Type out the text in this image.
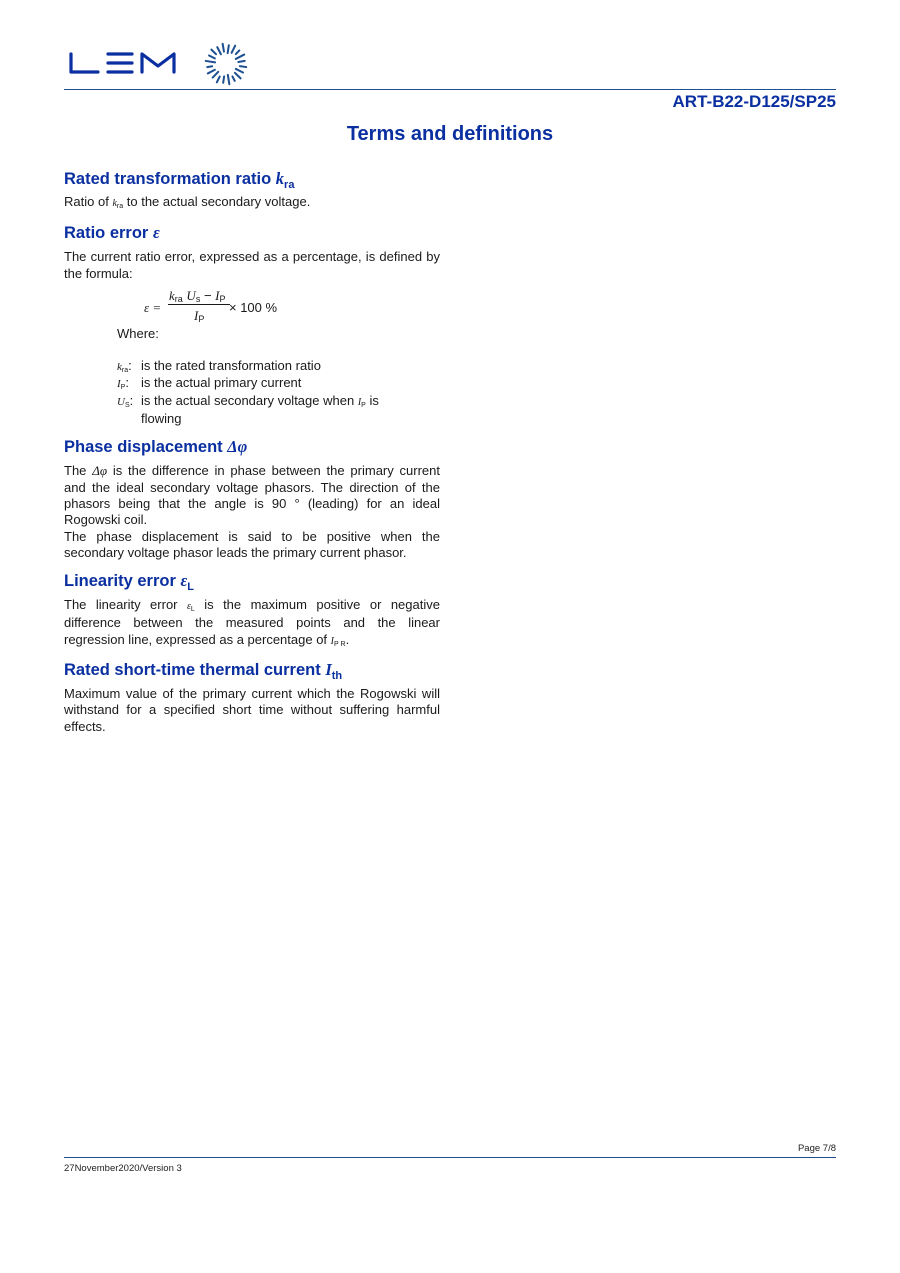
ART-B22-D125/SP25
Terms and definitions
Rated transformation ratio $k_{ra}$

Ratio of kra to the actual secondary voltage.

Ratio error ε

The current ratio error, expressed as a percentage, is defined by the formula:

ε =
kra Us − IP
IP
× 100 %
Where:
kra: is the rated transformation ratio
IP: is the actual primary current
US: is the actual secondary voltage when IP is flowing
Phase displacement Δφ

The Δφ is the difference in phase between the primary current and the ideal secondary voltage phasors. The direction of the phasors being that the angle is 90 ° (leading) for an ideal Rogowski coil.

The phase displacement is said to be positive when the secondary voltage phasor leads the primary current phasor.

Linearity error $\varepsilon_L$

The linearity error εL is the maximum positive or negative difference between the measured points and the linear regression line, expressed as a percentage of IP R.

Rated short-time thermal current $I_{th}$

Maximum value of the primary current which the Rogowski will withstand for a specified short time without suffering harmful effects.

Page 7/8
27November2020/Version 3
